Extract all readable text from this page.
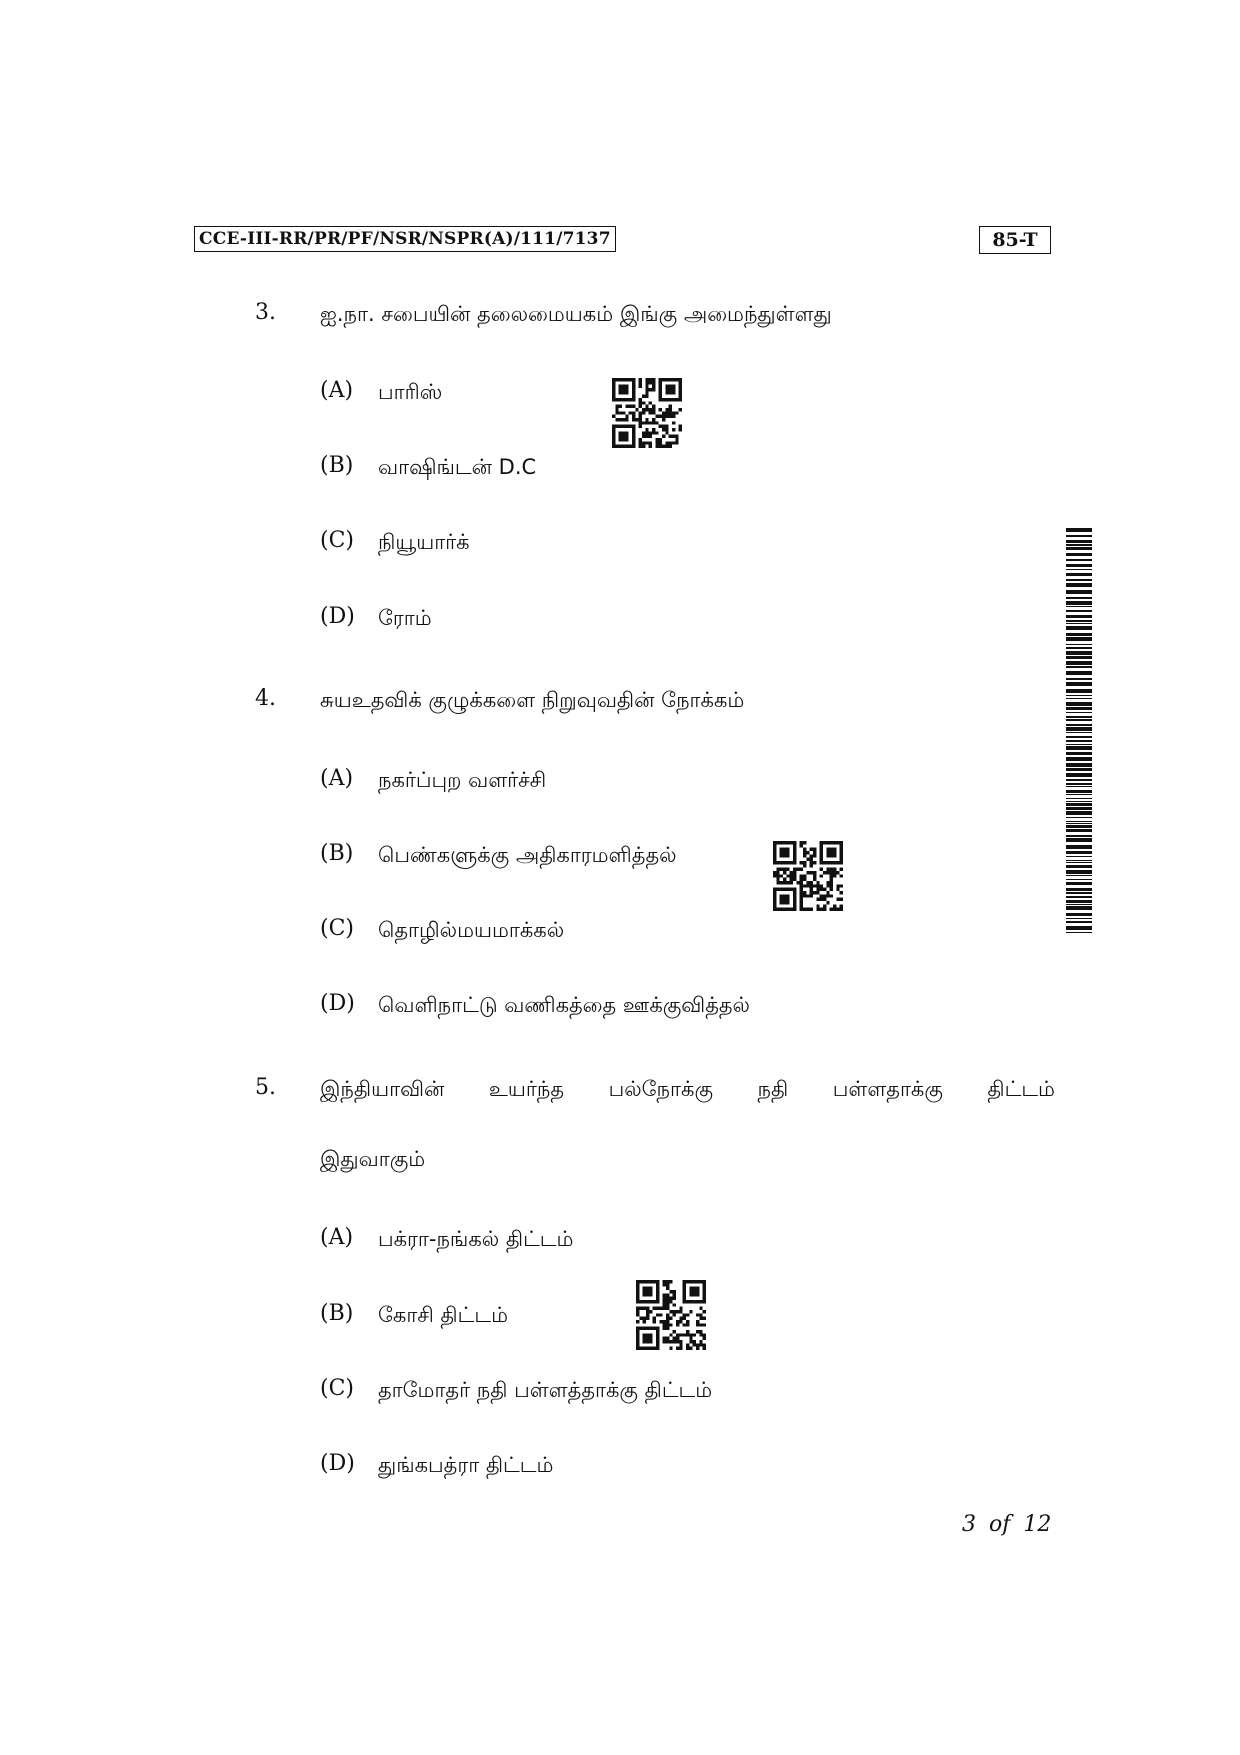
CCE-III-RR/PR/PF/NSR/NSPR(A)/111/7137	85-T
3. ஐ.நா. சபையின் தலைமையகம் இங்கு அமைந்துள்ளது
(A) பாரிஸ்
(B) வாஷிங்டன் D.C
(C) நியூயார்க்
(D) ரோம்
4. சுயஉதவிக் குழுக்களை நிறுவுவதின் நோக்கம்
(A) நகர்ப்புற வளர்ச்சி
(B) பெண்களுக்கு அதிகாரமளித்தல்
(C) தொழில்மயமாக்கல்
(D) வெளிநாட்டு வணிகத்தை ஊக்குவித்தல்
5. இந்தியாவின் உயர்ந்த பல்நோக்கு நதி பள்ளதாக்கு திட்டம்
இதுவாகும்
(A) பக்ரா-நங்கல் திட்டம்
(B) கோசி திட்டம்
(C) தாமோதர் நதி பள்ளத்தாக்கு திட்டம்
(D) துங்கபத்ரா திட்டம்
3 of 12
